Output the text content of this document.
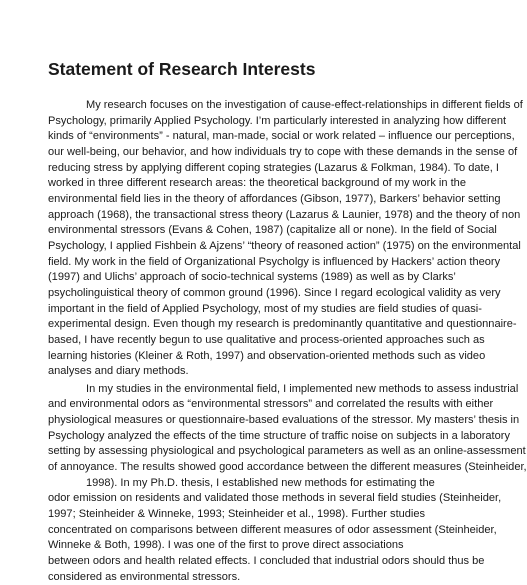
Statement of Research Interests

My research focuses on the investigation of cause-effect-relationships in different fields of
Psychology, primarily Applied Psychology. I’m particularly interested in analyzing how different
kinds of “environments” - natural, man-made, social or work related – influence our perceptions,
our well-being, our behavior, and how individuals try to cope with these demands in the sense of
reducing stress by applying different coping strategies (Lazarus & Folkman, 1984). To date, I
worked in three different research areas: the theoretical background of my work in the
environmental field lies in the theory of affordances (Gibson, 1977), Barkers’ behavior setting
approach (1968), the transactional stress theory (Lazarus & Launier, 1978) and the theory of non
environmental stressors (Evans & Cohen, 1987) (capitalize all or none). In the field of Social
Psychology, I applied Fishbein & Ajzens’ “theory of reasoned action” (1975) on the environmental
field. My work in the field of Organizational Psycholgy is influenced by Hackers’ action theory
(1997) and Ulichs’ approach of socio-technical systems (1989) as well as by Clarks’
psycholinguistical theory of common ground (1996). Since I regard ecological validity as very
important in the field of Applied Psychology, most of my studies are field studies of quasi-
experimental design. Even though my research is predominantly quantitative and questionnaire-
based, I have recently begun to use qualitative and process-oriented approaches such as
learning histories (Kleiner & Roth, 1997) and observation-oriented methods such as video
analyses and diary methods.

In my studies in the environmental field, I implemented new methods to assess industrial
and environmental odors as “environmental stressors” and correlated the results with either
physiological measures or questionnaire-based evaluations of the stressor. My masters’ thesis in
Psychology analyzed the effects of the time structure of traffic noise on subjects in a laboratory
setting by assessing physiological and psychological parameters as well as an online-assessment
of annoyance. The results showed good accordance between the different measures (Steinheider,
1998). In my Ph.D. thesis, I established new methods for estimating the
odor emission on residents and validated those methods in several field studies (Steinheider,
1997; Steinheider & Winneke, 1993; Steinheider et al., 1998). Further studies
concentrated on comparisons between different measures of odor assessment (Steinheider,
Winneke & Both, 1998). I was one of the first to prove direct associations
between odors and health related effects. I concluded that industrial odors should thus be
considered as environmental stressors.
